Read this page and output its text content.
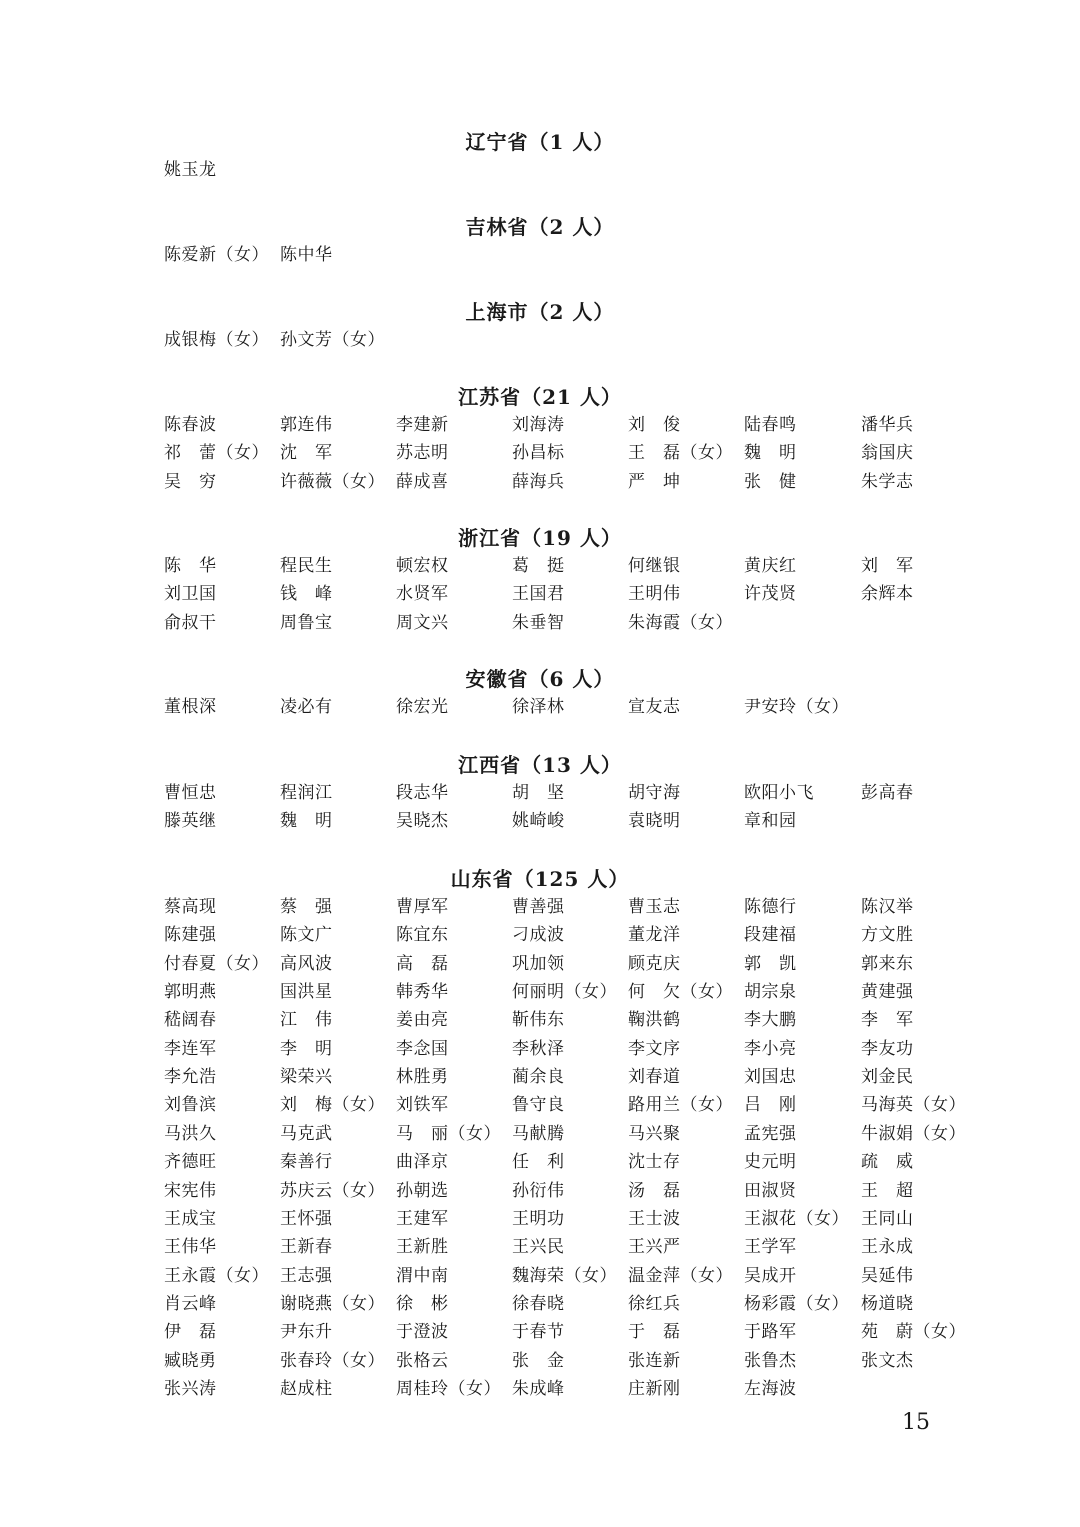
辽宁省（1 人）
姚玉龙
吉林省（2 人）
陈爱新（女） 陈中华
上海市（2 人）
成银梅（女） 孙文芳（女）
江苏省（21 人）
陈春波	郭连伟	李建新	刘海涛	刘　俊	陆春鸣	潘华兵
祁　蕾（女） 沈　军	苏志明	孙昌标	王　磊（女） 魏　明	翁国庆
吴　穷	许薇薇（女） 薛成喜	薛海兵	严　坤	张　健	朱学志
浙江省（19 人）
陈　华	程民生	顿宏权	葛　挺	何继银	黄庆红	刘　军
刘卫国	钱　峰	水贤军	王国君	王明伟	许茂贤	余辉本
俞叔干	周鲁宝	周文兴	朱垂智	朱海霞（女）
安徽省（6 人）
董根深	凌必有	徐宏光	徐泽林	宣友志	尹安玲（女）
江西省（13 人）
曹恒忠	程润江	段志华	胡　坚	胡守海	欧阳小飞	彭高春
滕英继	魏　明	吴晓杰	姚崎峻	袁晓明	章和园
山东省（125 人）
蔡高现	蔡　强	曹厚军	曹善强	曹玉志	陈德行	陈汉举
陈建强	陈文广	陈宜东	刁成波	董龙洋	段建福	方文胜
付春夏（女） 高风波	高　磊	巩加领	顾克庆	郭　凯	郭来东
郭明燕	国洪星	韩秀华	何丽明（女） 何　欠（女） 胡宗泉	黄建强
嵇阔春	江　伟	姜由亮	靳伟东	鞠洪鹤	李大鹏	李　军
李连军	李　明	李念国	李秋泽	李文序	李小亮	李友功
李允浩	梁荣兴	林胜勇	蔺余良	刘春道	刘国忠	刘金民
刘鲁滨	刘　梅（女） 刘铁军	鲁守良	路用兰（女） 吕　刚	马海英（女）
马洪久	马克武	马　丽（女） 马献腾	马兴聚	孟宪强	牛淑娟（女）
齐德旺	秦善行	曲泽京	任　利	沈士存	史元明	疏　威
宋宪伟	苏庆云（女） 孙朝选	孙衍伟	汤　磊	田淑贤	王　超
王成宝	王怀强	王建军	王明功	王士波	王淑花（女） 王同山
王伟华	王新春	王新胜	王兴民	王兴严	王学军	王永成
王永霞（女） 王志强	渭中南	魏海荣（女） 温金萍（女） 吴成开	吴延伟
肖云峰	谢晓燕（女） 徐　彬	徐春晓	徐红兵	杨彩霞（女） 杨道晓
伊　磊	尹东升	于澄波	于春节	于　磊	于路军	苑　蔚（女）
臧晓勇	张春玲（女） 张格云	张　金	张连新	张鲁杰	张文杰
张兴涛	赵成柱	周桂玲（女） 朱成峰	庄新刚	左海波
15
